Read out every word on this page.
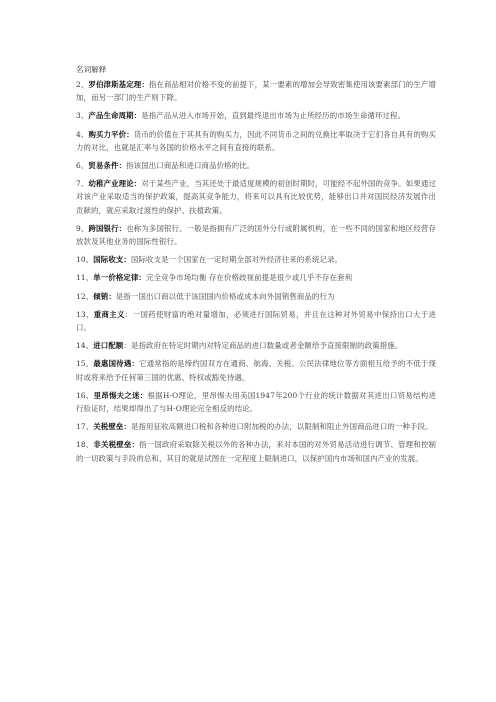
名词解释

2、罗伯津斯基定理：指在商品相对价格不变的前提下，某一要素的增加会导致密集使用该要素部门的生产增加，而另一部门的生产则下降。

3、产品生命周期：是指产品从进入市场开始，直到最终退出市场为止所经历的市场生命循环过程。

4、购买力平价：货币的价值在于其具有的购买力，因此不同货币之间的兑换比率取决于它们各自具有的购买力的对比，也就是汇率与各国的价格水平之间有直接的联系。

6、贸易条件：指该国出口商品和进口商品价格的比。

7、幼稚产业理论：对于某些产业，当其还处于最适度规模的初创时期时，可能经不起外国的竞争。如果通过对该产业采取适当的保护政策，提高其竞争能力，将来可以具有比较优势，能够出口并对国民经济发展作出贡献的，就应采取过渡性的保护、扶植政策。

9、跨国银行：也称为多国银行。一般是指拥有广泛的国外分行或附属机构，在一些不同的国家和地区经营存放款及其他业务的国际性银行。

10、国际收支：国际收支是一个国家在一定时期全部对外经济往来的系统记录。

11、单一价格定律：完全竞争市场均衡 存在价格歧视前提是很少或几乎不存在套利

12、倾销：是指一国出口商以低于该国国内价格或成本向外国销售商品的行为

13、重商主义：一国药使财富的绝对量增加，必须进行国际贸易，并且在这种对外贸易中保持出口大于进口。

14、进口配额：是指政府在特定时期内对特定商品的进口数量或者金额给予直接限制的政策措施。

15、最惠国待遇：它通常指的是缔约国双方在通商、航海、关税、公民法律地位等方面相互给予的不低于现时或将来给予任何第三国的优惠、特权或豁免待遇。

16、里昂惕夫之迷：根据H-O理论，里昂惕夫用美国1947年200个行业的统计数据对其进出口贸易结构进行验证时，结果却得出了与H-O理论完全相反的结论。

17、关税壁垒：是指用征收高额进口税和各种进口附加税的办法，以限制和阻止外国商品进口的一种手段。

18、非关税壁垒：指一国政府采取除关税以外的各种办法，来对本国的对外贸易活动进行调节、管理和控制的一切政策与手段的总和，其目的就是试图在一定程度上限制进口，以保护国内市场和国内产业的发展。
